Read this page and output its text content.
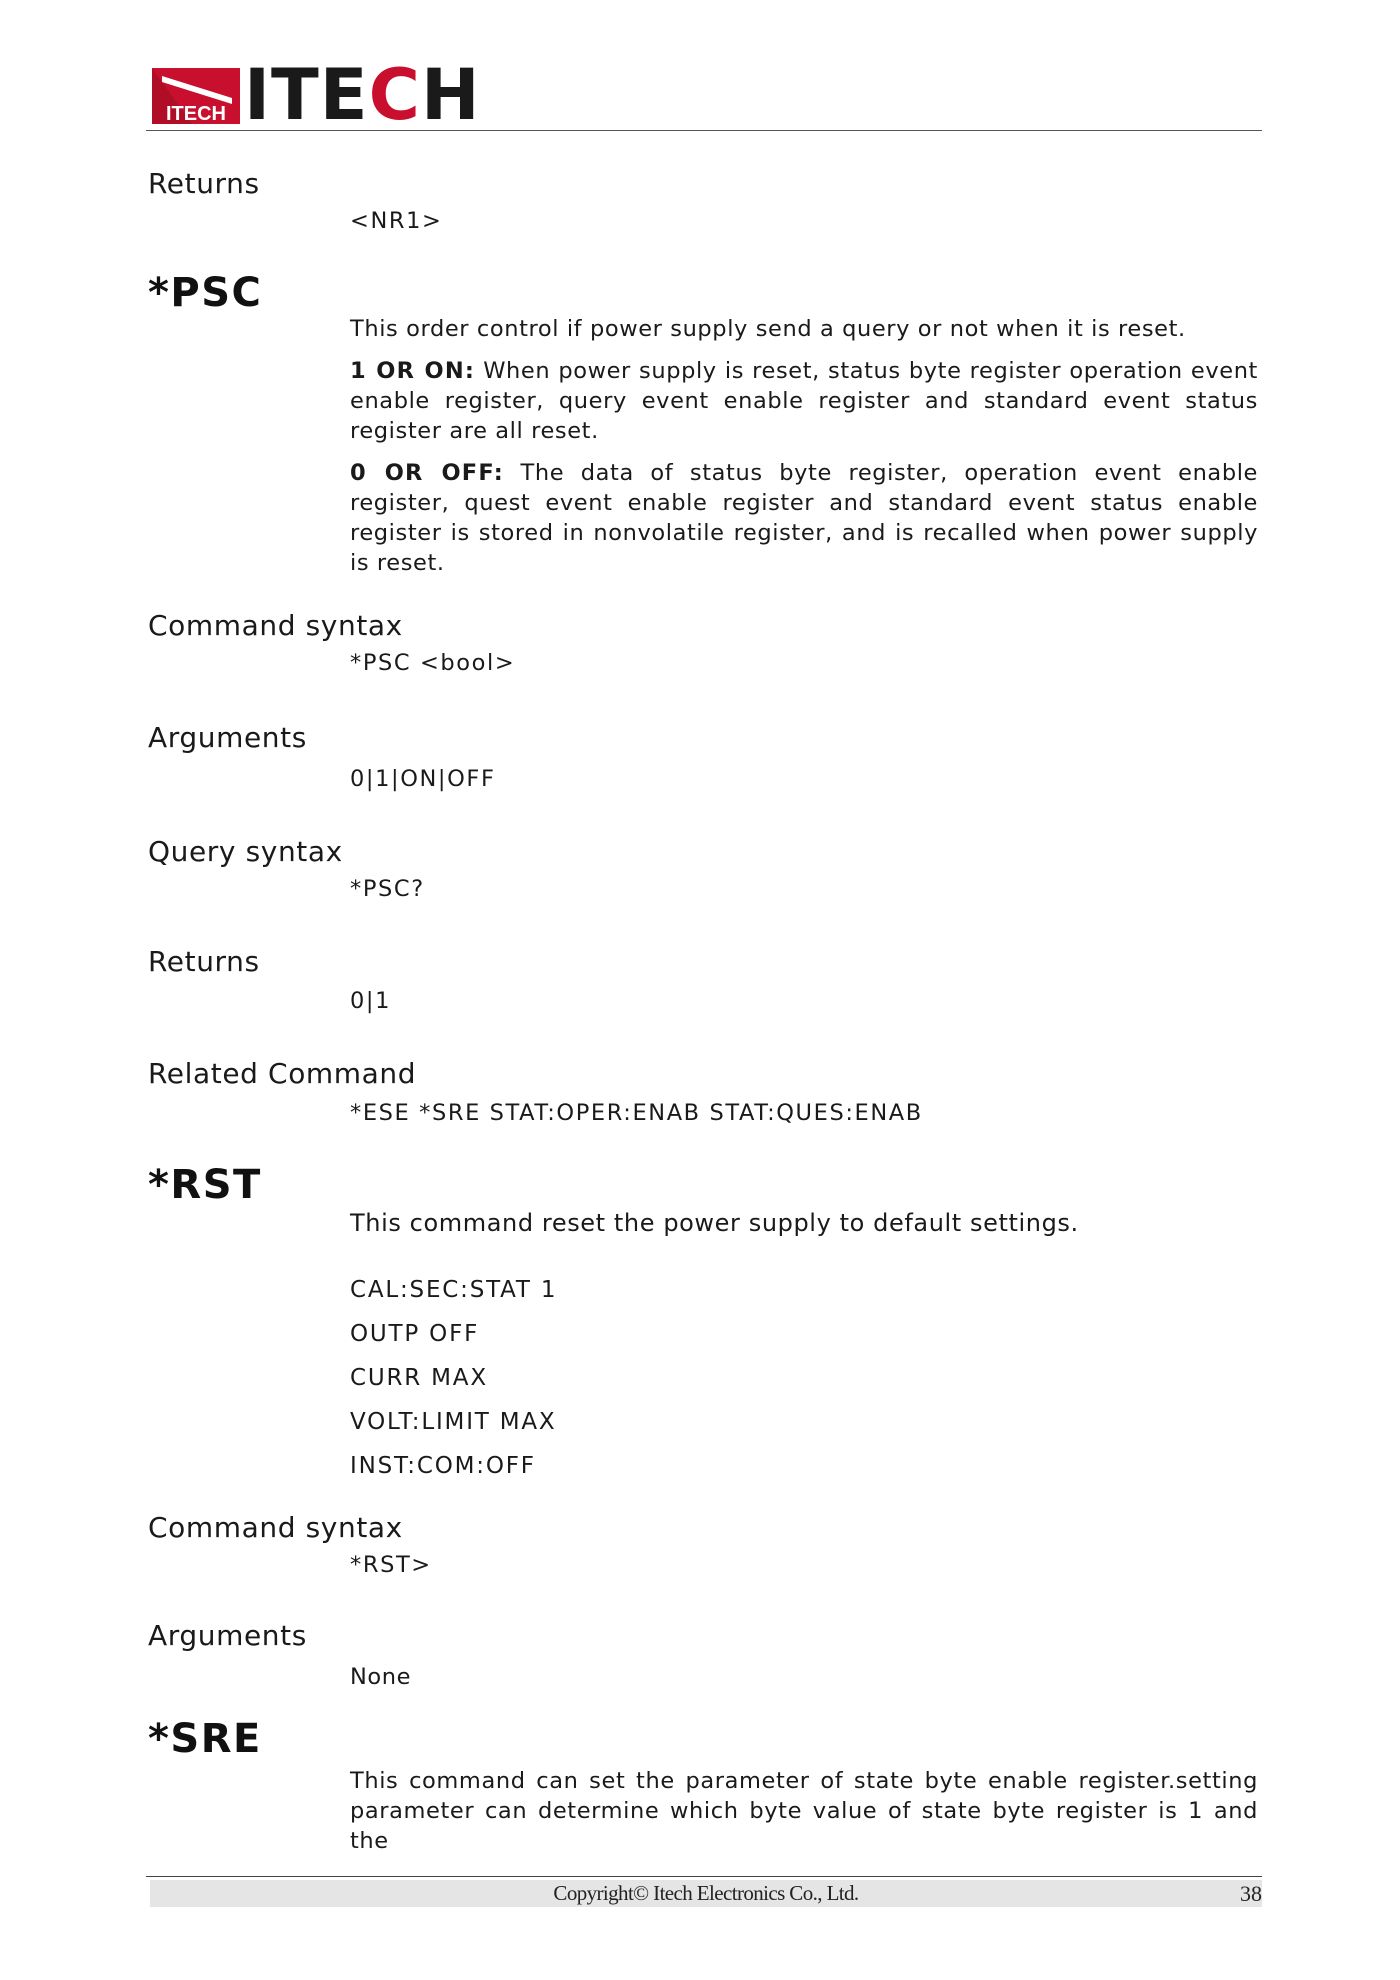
ITECH ITECH

Returns

<NR1>
*PSC

This order control if power supply send a query or not when it is reset.

1 OR ON: When power supply is reset, status byte register operation event enable register, query event enable register and standard event status register are all reset.

0 OR OFF: The data of status byte register, operation event enable register, quest event enable register and standard event status enable register is stored in nonvolatile register, and is recalled when power supply is reset.

Command syntax

*PSC <bool>

Arguments

0|1|ON|OFF

Query syntax

*PSC?

Returns

0|1

Related Command

*ESE *SRE STAT:OPER:ENAB STAT:QUES:ENAB
*RST
This command reset the power supply to default settings.
CAL:SEC:STAT 1
OUTP OFF
CURR MAX
VOLT:LIMIT MAX
INST:COM:OFF

Command syntax

*RST>

Arguments

None
*SRE

This command can set the parameter of state byte enable register.setting parameter can determine which byte value of state byte register is 1 and the

Copyright© Itech Electronics Co., Ltd.	38
